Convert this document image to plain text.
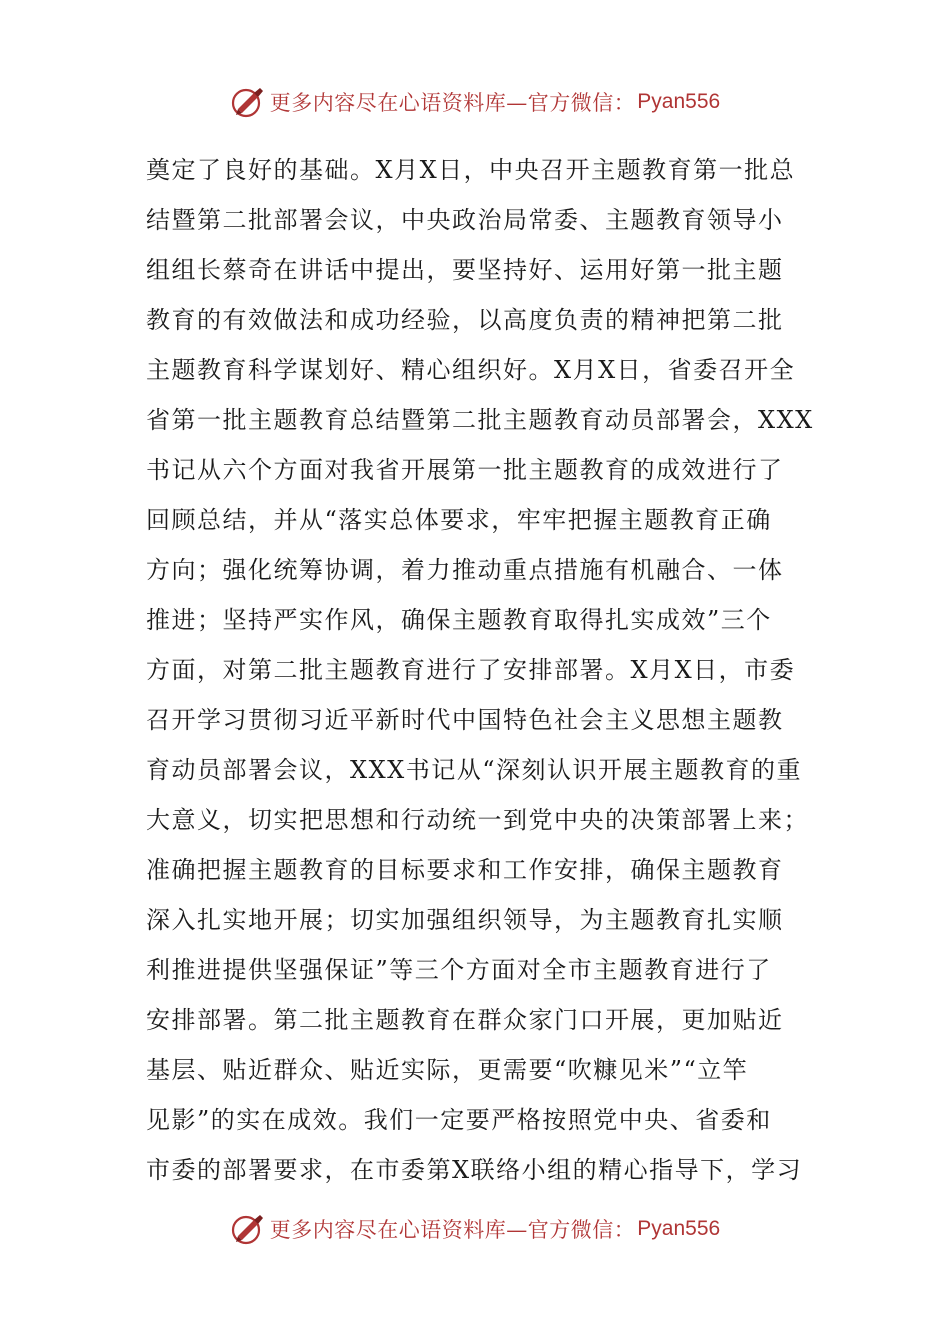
更多内容尽在心语资料库—官方微信： Pyan556
奠定了良好的基础。X月X日，中央召开主题教育第一批总
结暨第二批部署会议，中央政治局常委、主题教育领导小
组组长蔡奇在讲话中提出，要坚持好、运用好第一批主题
教育的有效做法和成功经验，以高度负责的精神把第二批
主题教育科学谋划好、精心组织好。X月X日，省委召开全
省第一批主题教育总结暨第二批主题教育动员部署会，XXX
书记从六个方面对我省开展第一批主题教育的成效进行了
回顾总结，并从“落实总体要求，牢牢把握主题教育正确
方向；强化统筹协调，着力推动重点措施有机融合、一体
推进；坚持严实作风，确保主题教育取得扎实成效”三个
方面，对第二批主题教育进行了安排部署。X月X日，市委
召开学习贯彻习近平新时代中国特色社会主义思想主题教
育动员部署会议，XXX书记从“深刻认识开展主题教育的重
大意义，切实把思想和行动统一到党中央的决策部署上来；
准确把握主题教育的目标要求和工作安排，确保主题教育
深入扎实地开展；切实加强组织领导，为主题教育扎实顺
利推进提供坚强保证”等三个方面对全市主题教育进行了
安排部署。第二批主题教育在群众家门口开展，更加贴近
基层、贴近群众、贴近实际，更需要“吹糠见米”“立竿
见影”的实在成效。我们一定要严格按照党中央、省委和
市委的部署要求，在市委第X联络小组的精心指导下，学习
更多内容尽在心语资料库—官方微信： Pyan556
